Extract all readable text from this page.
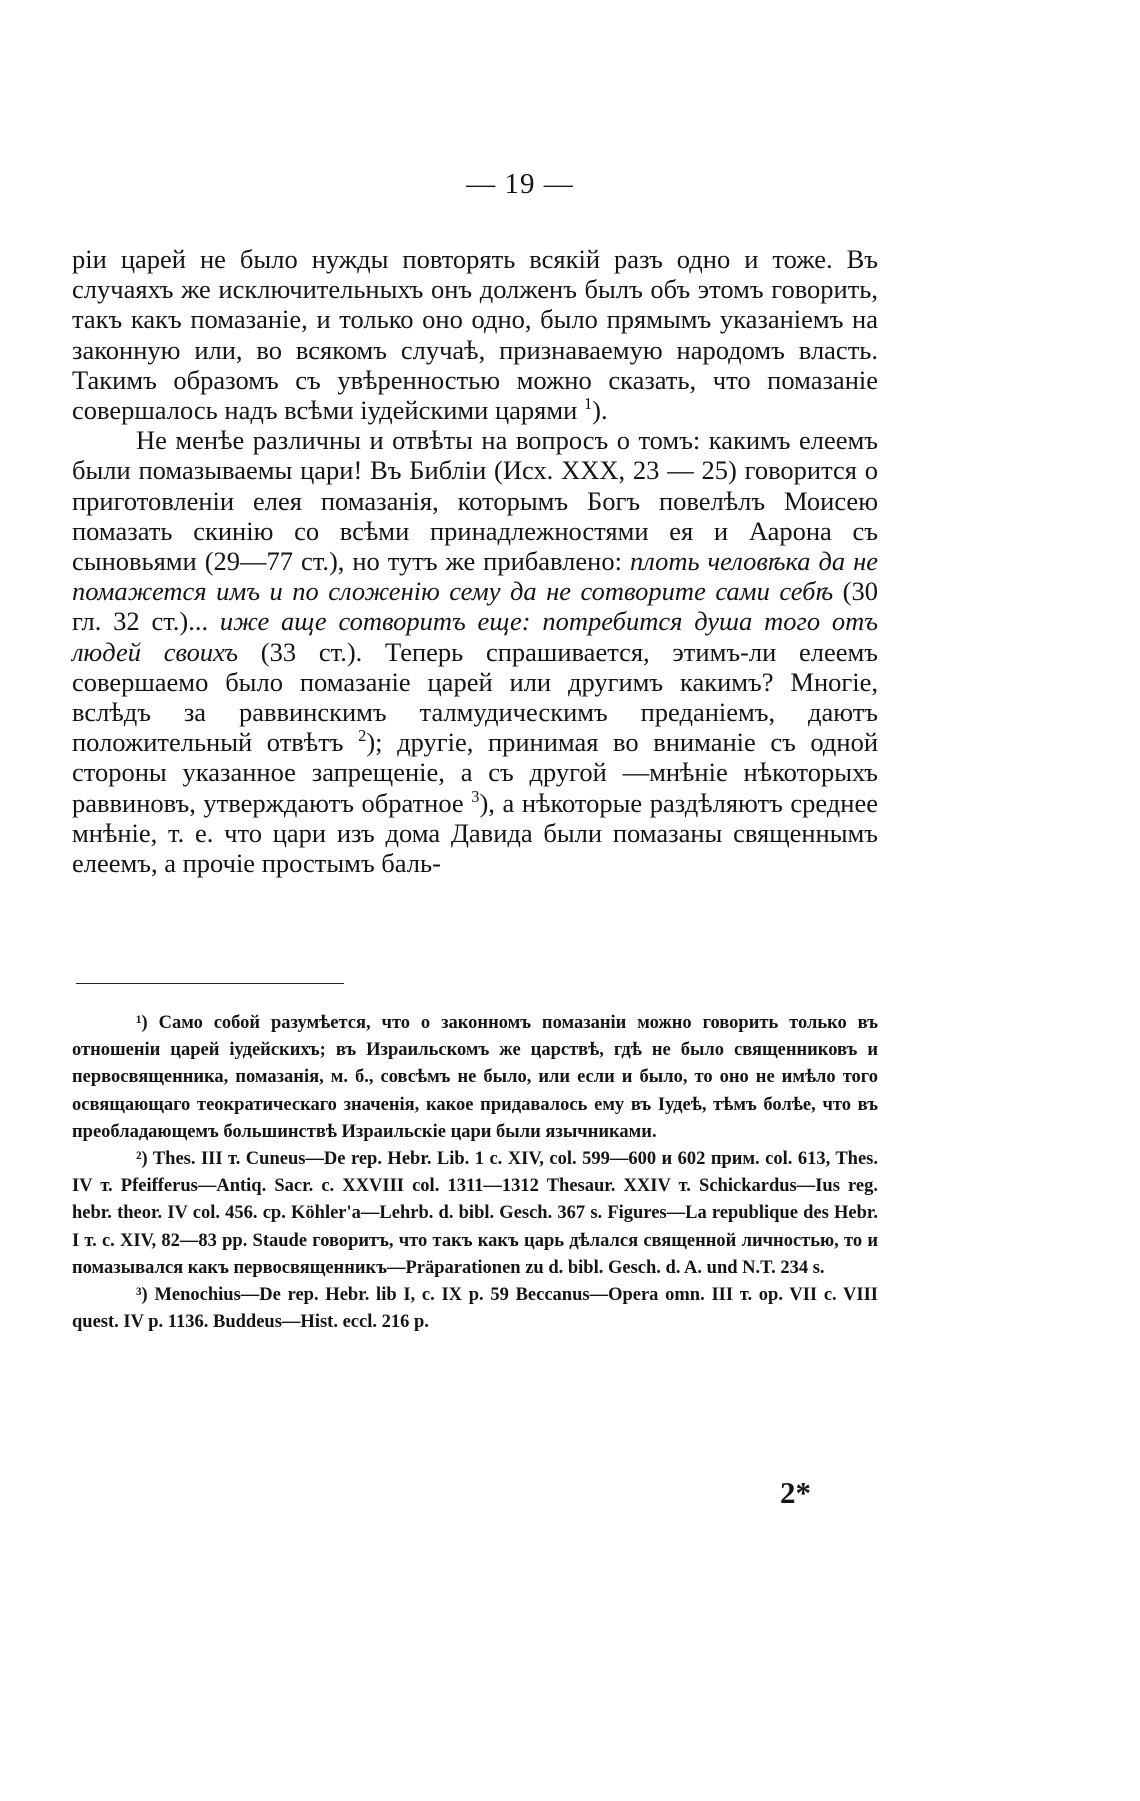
— 19 —

ріи царей не было нужды повторять всякій разъ одно и тоже. Въ случаяхъ же исключительныхъ онъ долженъ былъ объ этомъ говорить, такъ какъ помазаніе, и только оно одно, было прямымъ указаніемъ на законную или, во всякомъ случаѣ, признаваемую народомъ власть. Такимъ образомъ съ увѣренностью можно сказать, что помазаніе совершалось надъ всѣми іудейскими царями $^1$).

Не менѣе различны и отвѣты на вопросъ о томъ: какимъ елеемъ были помазываемы цари! Въ Библіи (Исх. XXX, 23 — 25) говорится о приготовленіи елея помазанія, которымъ Богъ повелѣлъ Моисею помазать скинію со всѣми принадлежностями ея и Аарона съ сыновьями (29—77 ст.), но тутъ же прибавлено: плоть человѣка да не помажется имъ и по сложенію сему да не сотворите сами себѣ (30 гл. 32 ст.)... иже аще сотворитъ еще: потребится душа того отъ людей своихъ (33 ст.). Теперь спрашивается, этимъ-ли елеемъ совершаемо было помазаніе царей или другимъ какимъ? Многіе, вслѣдъ за раввинскимъ талмудическимъ преданіемъ, даютъ положительный отвѣтъ $^2$); другіе, принимая во вниманіе съ одной стороны указанное запрещеніе, а съ другой —мнѣніе нѣкоторыхъ раввиновъ, утверждаютъ обратное $^3$), а нѣкоторые раздѣляютъ среднее мнѣніе, т. е. что цари изъ дома Давида были помазаны священнымъ елеемъ, а прочіе простымъ баль-

¹) Само собой разумѣется, что о законномъ помазаніи можно говорить только въ отношеніи царей іудейскихъ; въ Израильскомъ же царствѣ, гдѣ не было священниковъ и первосвященника, помазанія, м. б., совсѣмъ не было, или если и было, то оно не имѣло того освящающаго теократическаго значенія, какое придавалось ему въ Іудеѣ, тѣмъ болѣе, что въ преобладающемъ большинствѣ Израильскіе цари были язычниками.

²) Thes. III т. Cuneus—De rep. Hebr. Lib. 1 c. XIV, col. 599—600 и 602 прим. col. 613, Thes. IV т. Pfeifferus—Antiq. Sacr. c. XXVIII col. 1311—1312 Thesaur. XXIV т. Schickardus—Ius reg. hebr. theor. IV col. 456. ср. Köhler'a—Lehrb. d. bibl. Gesch. 367 s. Figures—La republique des Hebr. I т. c. XIV, 82—83 pp. Staude говоритъ, что такъ какъ царь дѣлался священной личностью, то и помазывался какъ первосвященникъ—Präparationen zu d. bibl. Gesch. d. A. und N.T. 234 s.

³) Menochius—De rep. Hebr. lib I, c. IX p. 59 Beccanus—Opera omn. III т. op. VII c. VIII quest. IV p. 1136. Buddeus—Hist. eccl. 216 p.

2*
